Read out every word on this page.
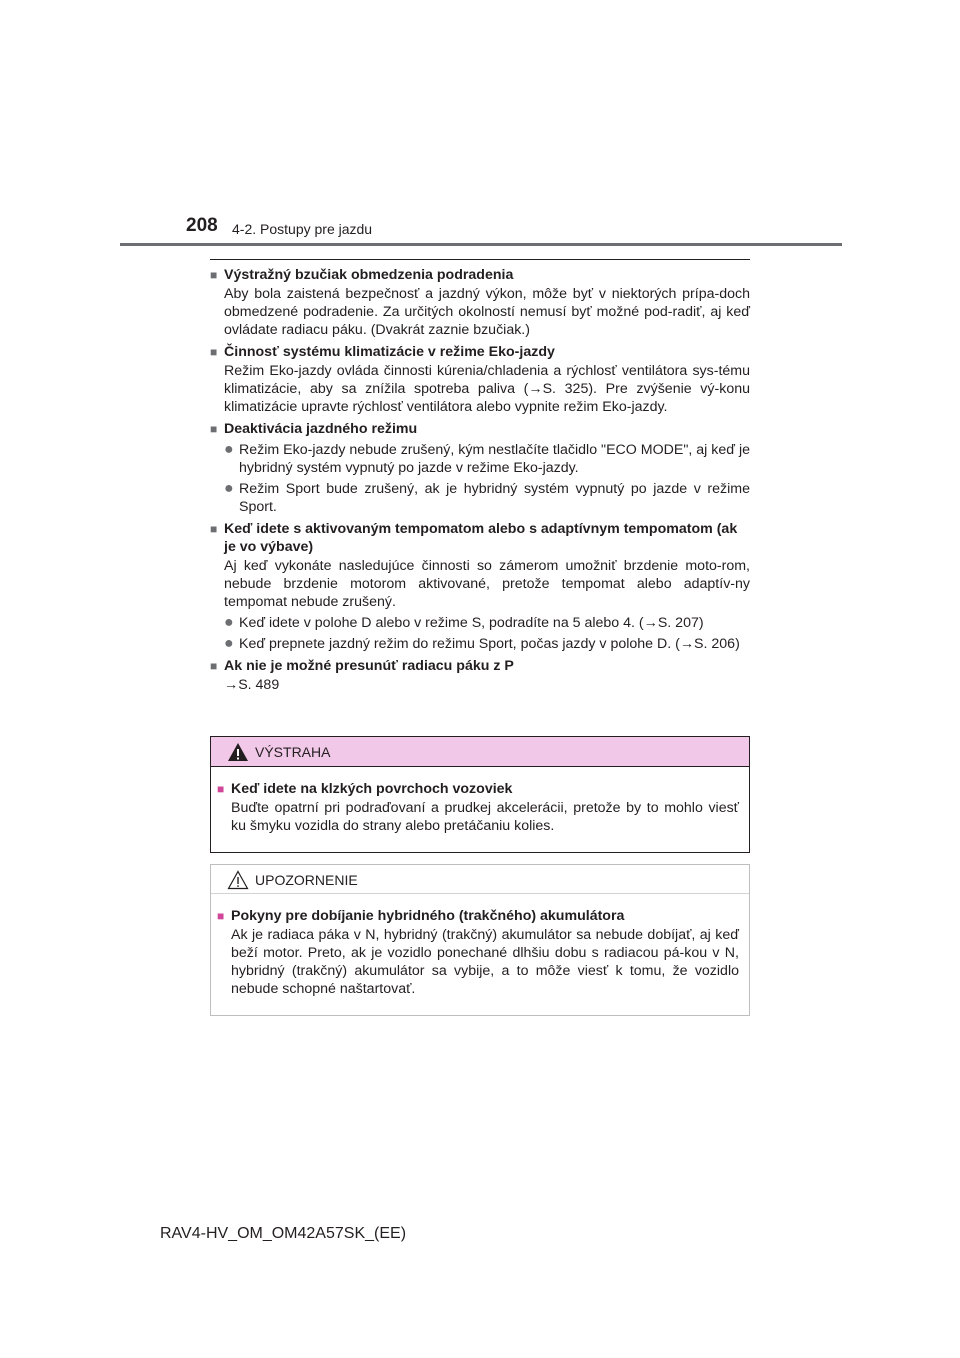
208 4-2. Postupy pre jazdu
■ Výstražný bzučiak obmedzenia podradenia
Aby bola zaistená bezpečnosť a jazdný výkon, môže byť v niektorých prípa-doch obmedzené podradenie. Za určitých okolností nemusí byť možné pod-radiť, aj keď ovládate radiacu páku. (Dvakrát zaznie bzučiak.)
■ Činnosť systému klimatizácie v režime Eko-jazdy
Režim Eko-jazdy ovláda činnosti kúrenia/chladenia a rýchlosť ventilátora sys-tému klimatizácie, aby sa znížila spotreba paliva (→S. 325). Pre zvýšenie vý-konu klimatizácie upravte rýchlosť ventilátora alebo vypnite režim Eko-jazdy.
■ Deaktivácia jazdného režimu
● Režim Eko-jazdy nebude zrušený, kým nestlačíte tlačidlo "ECO MODE", aj keď je hybridný systém vypnutý po jazde v režime Eko-jazdy.
● Režim Sport bude zrušený, ak je hybridný systém vypnutý po jazde v režime Sport.
■ Keď idete s aktivovaným tempomatom alebo s adaptívnym tempomatom (ak je vo výbave)
Aj keď vykonáte nasledujúce činnosti so zámerom umožniť brzdenie moto-rom, nebude brzdenie motorom aktivované, pretože tempomat alebo adaptív-ny tempomat nebude zrušený.
● Keď idete v polohe D alebo v režime S, podradíte na 5 alebo 4. (→S. 207)
● Keď prepnete jazdný režim do režimu Sport, počas jazdy v polohe D. (→S. 206)
■ Ak nie je možné presunúť radiacu páku z P
→S. 489
VÝSTRAHA
■ Keď idete na klzkých povrchoch vozoviek
Buďte opatrní pri podraďovaní a prudkej akcelerácii, pretože by to mohlo viesť ku šmyku vozidla do strany alebo pretáčaniu kolies.
UPOZORNENIE
■ Pokyny pre dobíjanie hybridného (trakčného) akumulátora
Ak je radiaca páka v N, hybridný (trakčný) akumulátor sa nebude dobíjať, aj keď beží motor. Preto, ak je vozidlo ponechané dlhšiu dobu s radiacou pá-kou v N, hybridný (trakčný) akumulátor sa vybije, a to môže viesť k tomu, že vozidlo nebude schopné naštartovať.
RAV4-HV_OM_OM42A57SK_(EE)
